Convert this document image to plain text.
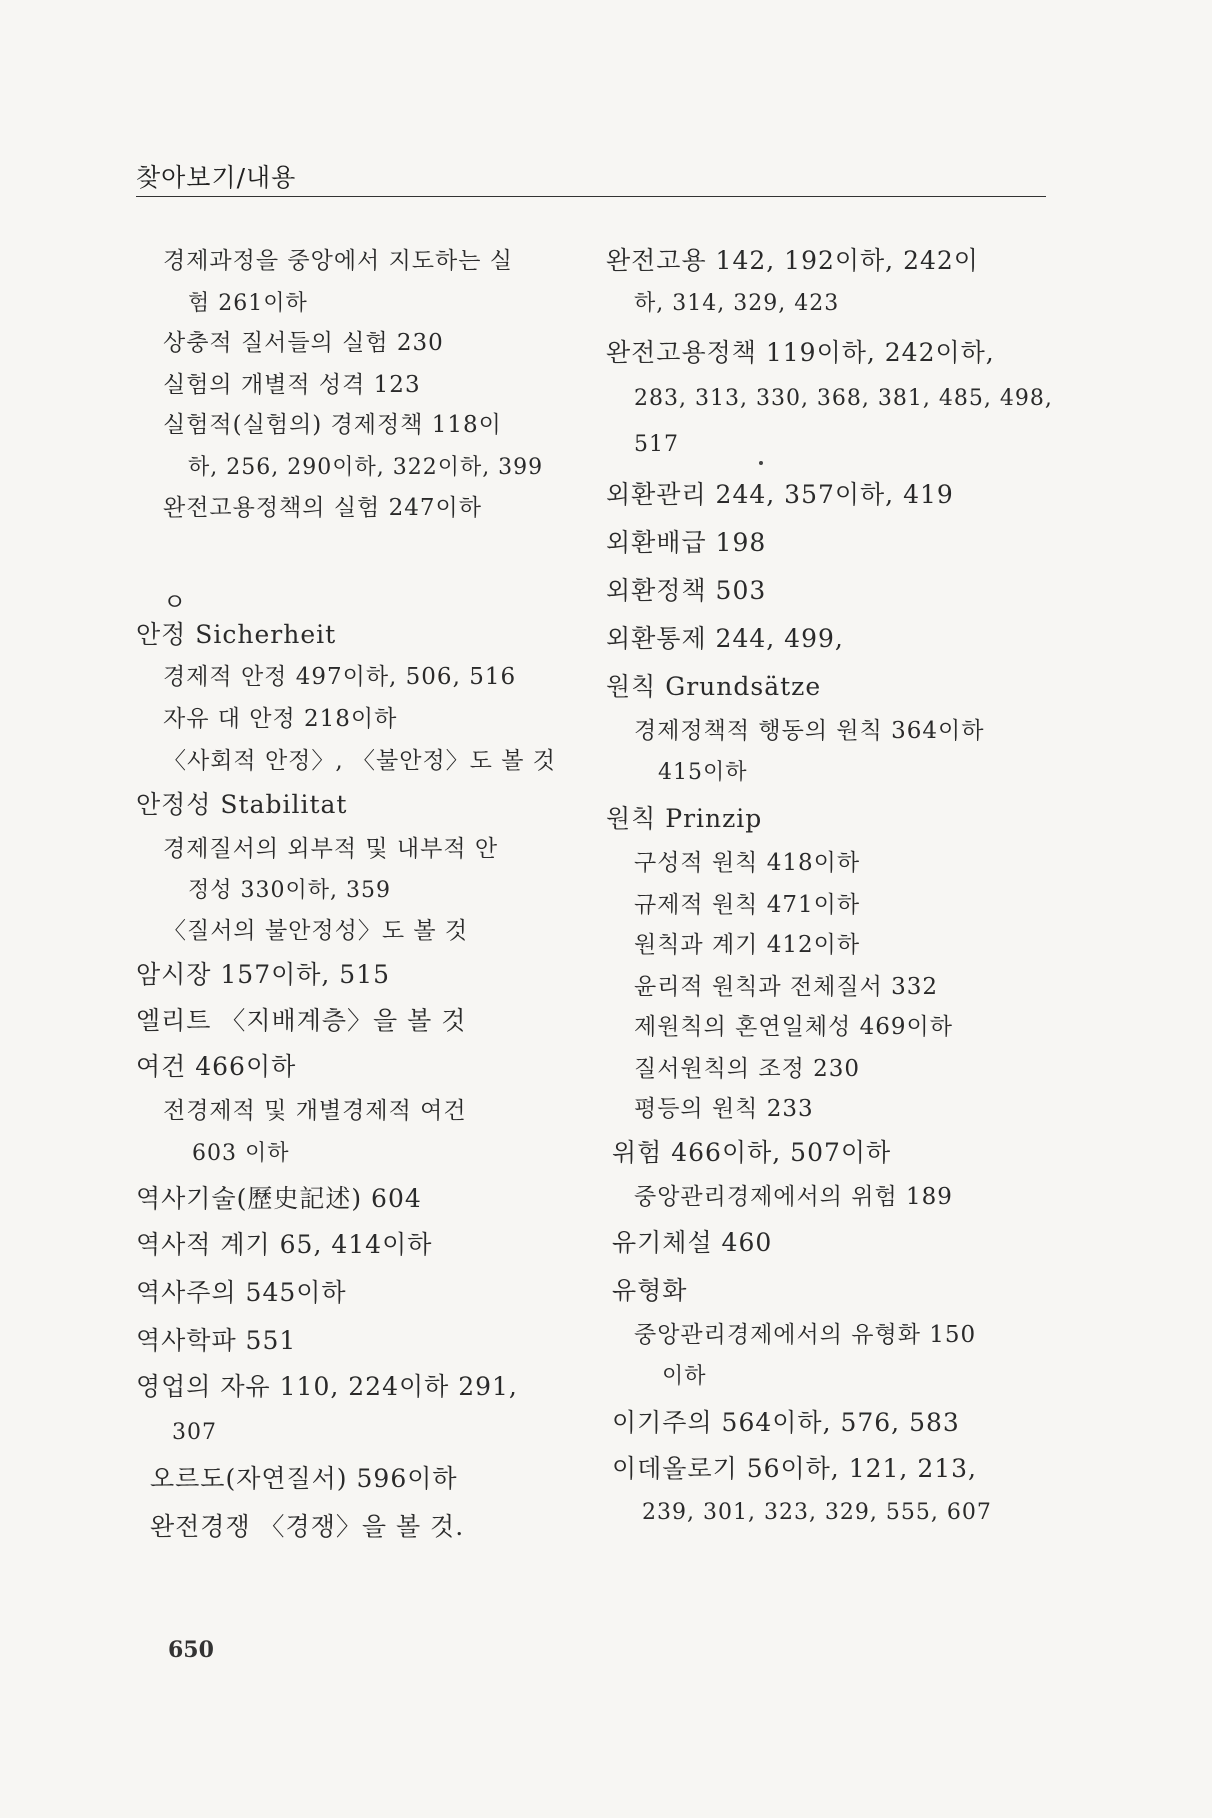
찾아보기/내용
경제과정을 중앙에서 지도하는 실
험 261이하
상충적 질서들의 실험 230
실험의 개별적 성격 123
실험적(실험의) 경제정책 118이
하, 256, 290이하, 322이하, 399
완전고용정책의 실험 247이하
ㅇ
안정 Sicherheit
경제적 안정 497이하, 506, 516
자유 대 안정 218이하
〈사회적 안정〉, 〈불안정〉도 볼 것
안정성 Stabilitat
경제질서의 외부적 및 내부적 안
정성 330이하, 359
〈질서의 불안정성〉도 볼 것
암시장 157이하, 515
엘리트 〈지배계층〉을 볼 것
여건 466이하
전경제적 및 개별경제적 여건
603 이하
역사기술(歷史記述) 604
역사적 계기 65, 414이하
역사주의 545이하
역사학파 551
영업의 자유 110, 224이하 291,
307
오르도(자연질서) 596이하
완전경쟁 〈경쟁〉을 볼 것.
완전고용 142, 192이하, 242이
하, 314, 329, 423
완전고용정책 119이하, 242이하,
283, 313, 330, 368, 381, 485, 498,
517
외환관리 244, 357이하, 419
외환배급 198
외환정책 503
외환통제 244, 499,
원칙 Grundsätze
경제정책적 행동의 원칙 364이하
415이하
원칙 Prinzip
구성적 원칙 418이하
규제적 원칙 471이하
원칙과 계기 412이하
윤리적 원칙과 전체질서 332
제원칙의 혼연일체성 469이하
질서원칙의 조정 230
평등의 원칙 233
위험 466이하, 507이하
중앙관리경제에서의 위험 189
유기체설 460
유형화
중앙관리경제에서의 유형화 150
이하
이기주의 564이하, 576, 583
이데올로기 56이하, 121, 213,
239, 301, 323, 329, 555, 607
650
